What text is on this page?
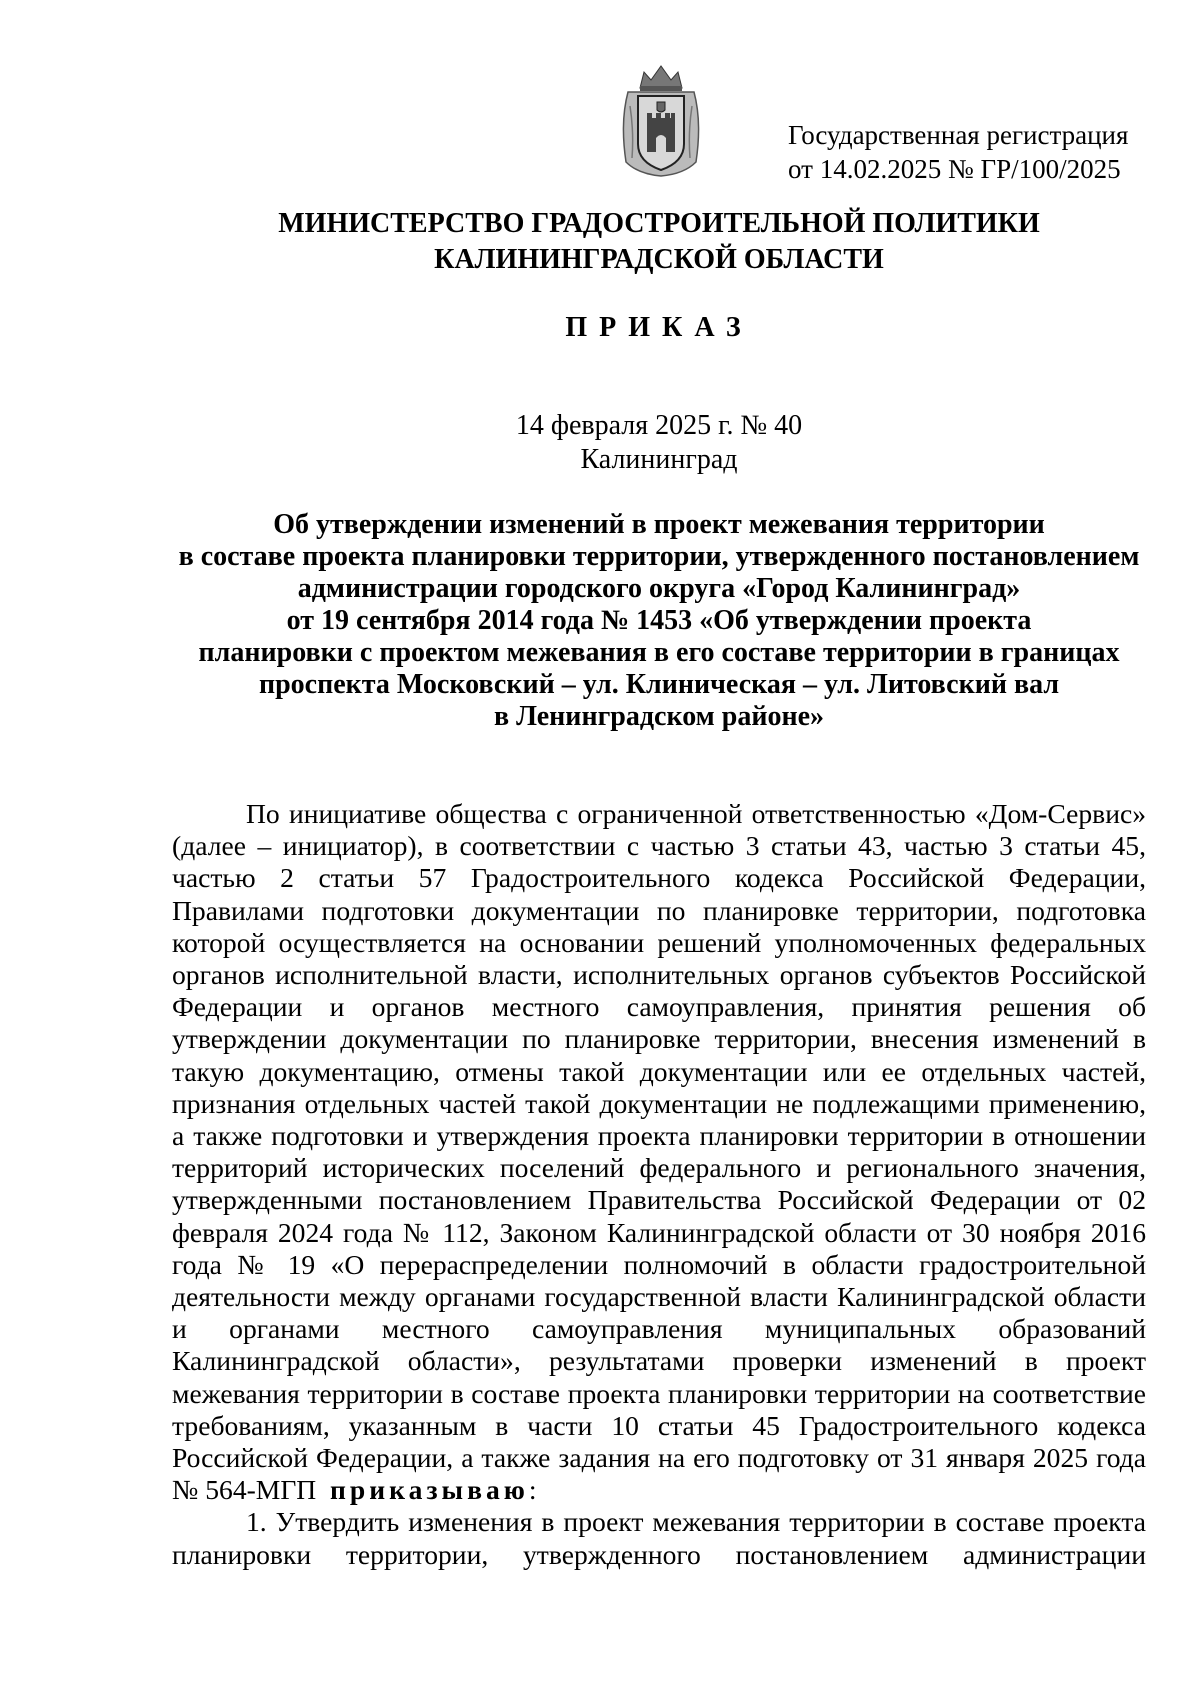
Государственная регистрация
от 14.02.2025 № ГР/100/2025
МИНИСТЕРСТВО ГРАДОСТРОИТЕЛЬНОЙ ПОЛИТИКИ
КАЛИНИНГРАДСКОЙ ОБЛАСТИ
ПРИКАЗ
14 февраля 2025 г. № 40
Калининград
Об утверждении изменений в проект межевания территории
в составе проекта планировки территории, утвержденного постановлением
администрации городского округа «Город Калининград»
от 19 сентября 2014 года № 1453 «Об утверждении проекта
планировки с проектом межевания в его составе территории в границах
проспекта Московский – ул. Клиническая – ул. Литовский вал
в Ленинградском районе»

По инициативе общества с ограниченной ответственностью «Дом-Сервис» (далее – инициатор), в соответствии с частью 3 статьи 43, частью 3 статьи 45, частью 2 статьи 57 Градостроительного кодекса Российской Федерации, Правилами подготовки документации по планировке территории, подготовка которой осуществляется на основании решений уполномоченных федеральных органов исполнительной власти, исполнительных органов субъектов Российской Федерации и органов местного самоуправления, принятия решения об утверждении документации по планировке территории, внесения изменений в такую документацию, отмены такой документации или ее отдельных частей, признания отдельных частей такой документации не подлежащими применению, а также подготовки и утверждения проекта планировки территории в отношении территорий исторических поселений федерального и регионального значения, утвержденными постановлением Правительства Российской Федерации от 02 февраля 2024 года № 112, Законом Калининградской области от 30 ноября 2016 года № 19 «О перераспределении полномочий в области градостроительной деятельности между органами государственной власти Калининградской области и органами местного самоуправления муниципальных образований Калининградской области», результатами проверки изменений в проект межевания территории в составе проекта планировки территории на соответствие требованиям, указанным в части 10 статьи 45 Градостроительного кодекса Российской Федерации, а также задания на его подготовку от 31 января 2025 года № 564-МГП приказываю:

1. Утвердить изменения в проект межевания территории в составе проекта планировки территории, утвержденного постановлением администрации
